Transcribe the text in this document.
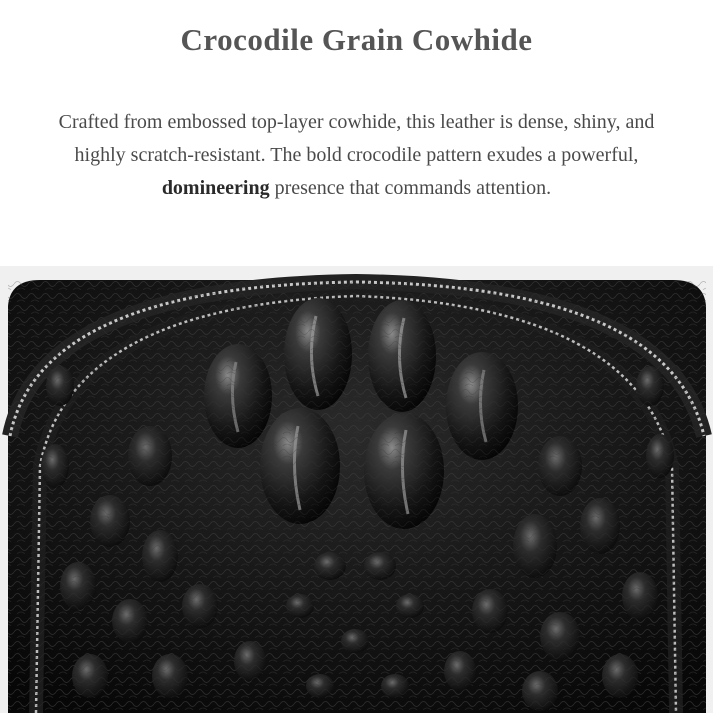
Crocodile Grain Cowhide

Crafted from embossed top-layer cowhide, this leather is dense, shiny, and
highly scratch-resistant. The bold crocodile pattern exudes a powerful,
domineering presence that commands attention.
